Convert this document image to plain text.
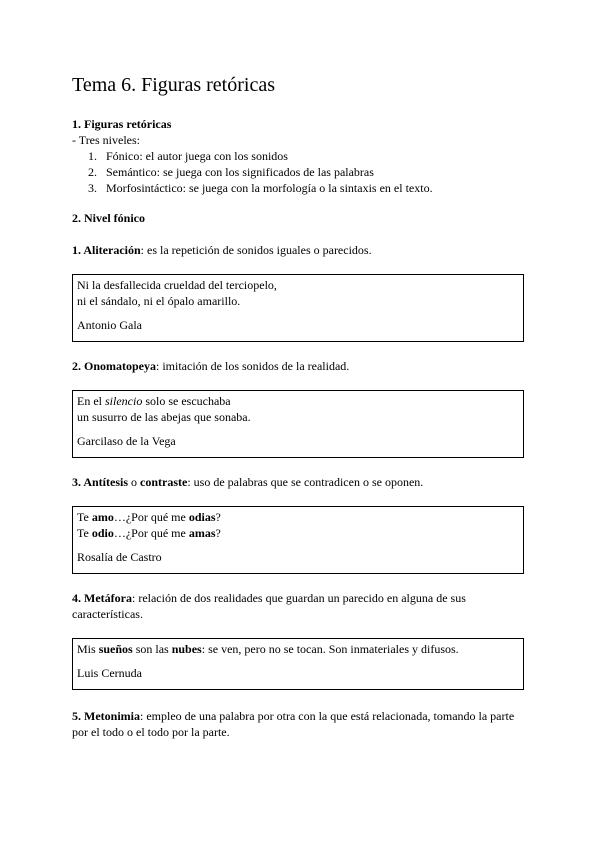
Tema 6. Figuras retóricas
1. Figuras retóricas
- Tres niveles:
1. Fónico: el autor juega con los sonidos
2. Semántico: se juega con los significados de las palabras
3. Morfosintáctico: se juega con la morfología o la sintaxis en el texto.
2. Nivel fónico
1. Aliteración: es la repetición de sonidos iguales o parecidos.
Ni la desfallecida crueldad del terciopelo,
ni el sándalo, ni el ópalo amarillo.
Antonio Gala
2. Onomatopeya: imitación de los sonidos de la realidad.
En el silencio solo se escuchaba
un susurro de las abejas que sonaba.
Garcilaso de la Vega
3. Antítesis o contraste: uso de palabras que se contradicen o se oponen.
Te amo…¿Por qué me odias?
Te odio…¿Por qué me amas?
Rosalía de Castro
4. Metáfora: relación de dos realidades que guardan un parecido en alguna de sus
características.
Mis sueños son las nubes: se ven, pero no se tocan. Son inmateriales y difusos.
Luis Cernuda
5. Metonimia: empleo de una palabra por otra con la que está relacionada, tomando la parte
por el todo o el todo por la parte.
